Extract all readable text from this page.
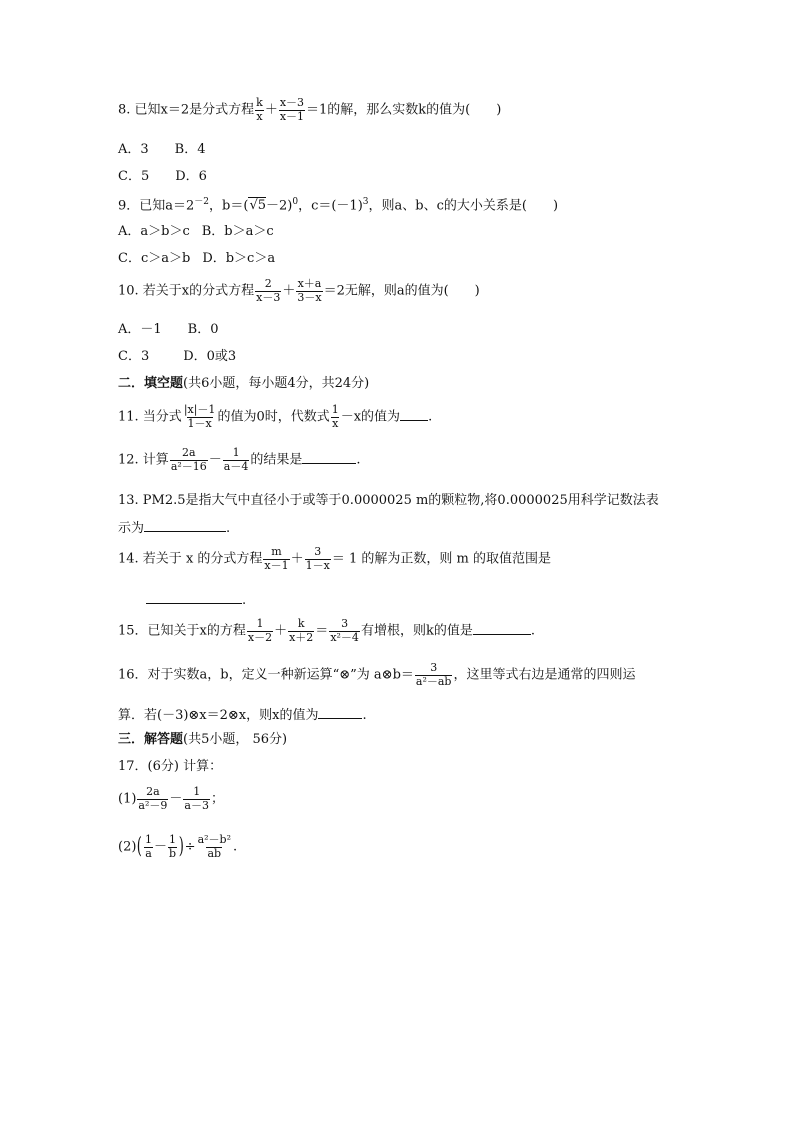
8. 已知x＝2是分式方程 $\frac{k}{x} + \frac{x-3}{x-1} =1$的解，那么实数k的值为(　　)
A．3 B．4
C．5 D．6
9．已知$a=2^{-2}$，$b=(√5-2)^0$，$c=(-1)^3$，则a、b、c的大小关系是(　　)
A．a＞b＞c B．b＞a＞c
C．c＞a＞b D．b＞c＞a
10. 若关于x的分式方程 $\frac{2}{x-3} + \frac{x+a}{3-x} =2$无解，则a的值为(　　)
A．－1 B．0
C．3	D．0或3
二．填空题(共6小题，每小题4分，共24分)
11. 当分式 $\frac{|x|-1}{1-x}$ 的值为0时，代数式 $\frac{1}{x} -x$的值为 .
12. 计算 $\frac{2a}{\text{a²－16}} - \frac{1}{a-4}$ 的结果是	.
13. PM2.5是指大气中直径小于或等于0.0000025 m的颗粒物,将0.0000025用科学记数法表
示为	.
14. 若关于 x 的分式方程 $\frac{m}{x-1} + \frac{3}{1-x} = 1$ 的解为正数，则 m 的取值范围是
.
15．已知关于x的方程 $\frac{1}{x-2} + \frac{k}{x+2} = \frac{3}{\text{x²－4}}$ 有增根，则k的值是	.
16．对于实数a，b，定义一种新运算“⊗”为 a⊗b＝ $\frac{3}{\text{a²－ab}}$ ，这里等式右边是通常的四则运
算．若(－3)⊗x＝2⊗x，则x的值为	.
三．解答题(共5小题， 56分)
17．(6分) 计算：
$(1) \frac{2a}{\text{a²－9}} - \frac{1}{a-3}$ ；
$(2)( \frac{1}{a} - \frac{1}{b}$ )÷ $\frac{\text{a²－b²}}{ab}$ .
